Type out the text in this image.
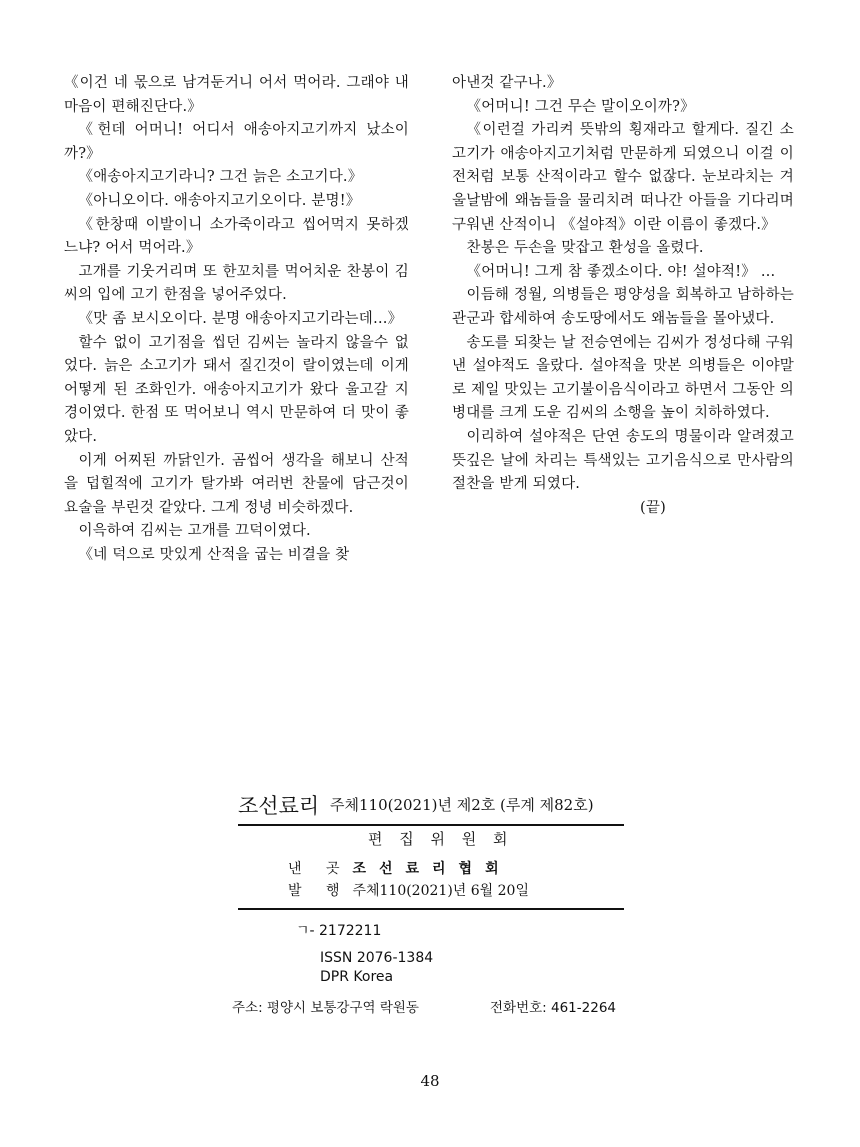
《이건 네 몫으로 남겨둔거니 어서 먹어라. 그래야 내 마음이 편해진단다.》

《헌데 어머니! 어디서 애송아지고기까지 났소이까?》

《애송아지고기라니? 그건 늙은 소고기다.》

《아니오이다. 애송아지고기오이다. 분명!》

《한창때 이발이니 소가죽이라고 씹어먹지 못하겠느냐? 어서 먹어라.》

고개를 기웃거리며 또 한꼬치를 먹어치운 찬봉이 김씨의 입에 고기 한점을 넣어주었다.

《맛 좀 보시오이다. 분명 애송아지고기라는데…》

할수 없이 고기점을 씹던 김씨는 놀라지 않을수 없었다. 늙은 소고기가 돼서 질긴것이 랄이였는데 이게 어떻게 된 조화인가. 애송아지고기가 왔다 울고갈 지경이였다. 한점 또 먹어보니 역시 만문하여 더 맛이 좋았다.

이게 어찌된 까닭인가. 곰씹어 생각을 해보니 산적을 덥힐적에 고기가 탈가봐 여러번 찬물에 담근것이 요술을 부린것 같았다. 그게 정녕 비슷하겠다.

이윽하여 김씨는 고개를 끄덕이였다.

《네 덕으로 맛있게 산적을 굽는 비결을 찾

아낸것 같구나.》

《어머니! 그건 무슨 말이오이까?》

《이런걸 가리켜 뜻밖의 횡재라고 할게다. 질긴 소고기가 애송아지고기처럼 만문하게 되였으니 이걸 이전처럼 보통 산적이라고 할수 없잖다. 눈보라치는 겨울날밤에 왜놈들을 물리치려 떠나간 아들을 기다리며 구워낸 산적이니 《설야적》이란 이름이 좋겠다.》

찬봉은 두손을 맞잡고 환성을 올렸다.

《어머니! 그게 참 좋겠소이다. 야! 설야적!》 …

이듬해 정월, 의병들은 평양성을 회복하고 남하하는 관군과 합세하여 송도땅에서도 왜놈들을 몰아냈다.

송도를 되찾는 날 전승연에는 김씨가 정성다해 구워낸 설야적도 올랐다. 설야적을 맛본 의병들은 이야말로 제일 맛있는 고기불이음식이라고 하면서 그동안 의병대를 크게 도운 김씨의 소행을 높이 치하하였다.

이리하여 설야적은 단연 송도의 명물이라 알려졌고 뜻깊은 날에 차리는 특색있는 고기음식으로 만사람의 절찬을 받게 되였다.

(끝)

조선료리 주체110(2021)년 제2호 (루계 제82호)
편 집 위 원 회
낸 곳 조선료리협회
발 행 주체110(2021)년 6월 20일
ㄱ- 2172211
ISSN 2076-1384
DPR Korea
주소: 평양시 보통강구역 락원동	전화번호: 461-2264
48
